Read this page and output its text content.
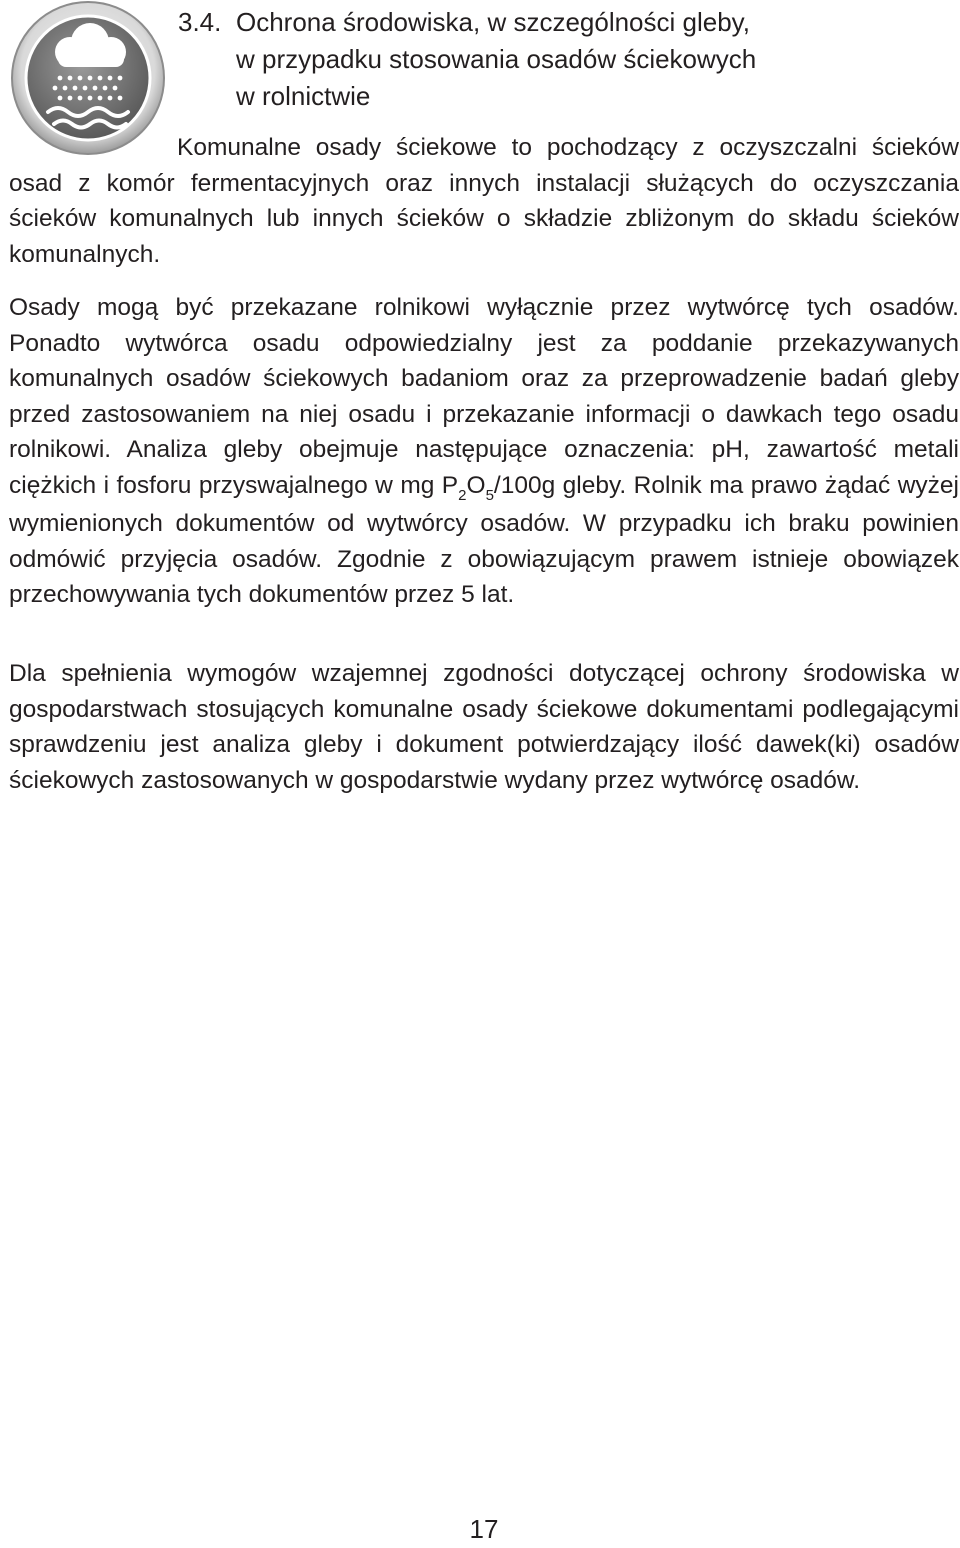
3.4. Ochrona środowiska, w szczególności gleby,
w przypadku stosowania osadów ściekowych
w rolnictwie

Komunalne osady ściekowe to pochodzący z oczyszczalni ścieków osad z komór fermentacyjnych oraz innych instalacji służących do oczyszczania ścieków komunalnych lub innych ścieków o składzie zbliżonym do składu ścieków komunalnych.

Osady mogą być przekazane rolnikowi wyłącznie przez wytwórcę tych osadów. Ponadto wytwórca osadu odpowiedzialny jest za poddanie przekazywanych komunalnych osadów ściekowych badaniom oraz za przeprowadzenie badań gleby przed zastosowaniem na niej osadu i przekazanie informacji o dawkach tego osadu rolnikowi. Analiza gleby obejmuje następujące oznaczenia: pH, zawartość metali ciężkich i fosforu przyswajalnego w mg $P_2O_5/100g$ gleby. Rolnik ma prawo żądać wyżej wymienionych dokumentów od wytwórcy osadów. W przypadku ich braku powinien odmówić przyjęcia osadów. Zgodnie z obowiązującym prawem istnieje obowiązek przechowywania tych dokumentów przez 5 lat.

Dla spełnienia wymogów wzajemnej zgodności dotyczącej ochrony środowiska w gospodarstwach stosujących komunalne osady ściekowe dokumentami podlegającymi sprawdzeniu jest analiza gleby i dokument potwierdzający ilość dawek(ki) osadów ściekowych zastosowanych w gospodarstwie wydany przez wytwórcę osadów.

17
